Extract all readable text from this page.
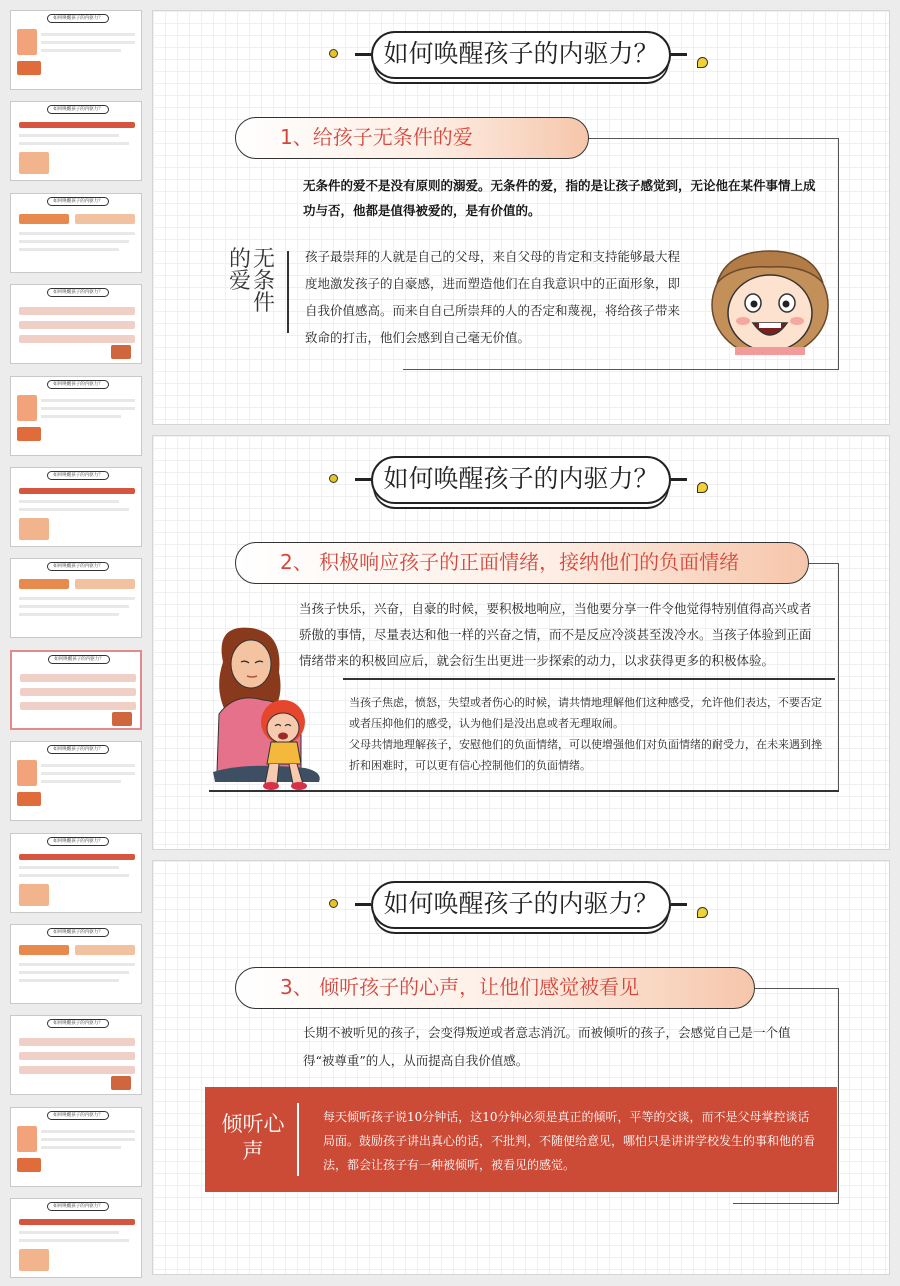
如何唤醒孩子的内驱力？
如何唤醒孩子的内驱力？
如何唤醒孩子的内驱力？
如何唤醒孩子的内驱力？
如何唤醒孩子的内驱力？
如何唤醒孩子的内驱力？
如何唤醒孩子的内驱力？
如何唤醒孩子的内驱力？
如何唤醒孩子的内驱力？
如何唤醒孩子的内驱力？
如何唤醒孩子的内驱力？
如何唤醒孩子的内驱力？
如何唤醒孩子的内驱力？
如何唤醒孩子的内驱力？
如何唤醒孩子的内驱力？
1、给孩子无条件的爱
无条件的爱不是没有原则的溺爱。无条件的爱，指的是让孩子感觉到，无论他在某件事情上成功与否，他都是值得被爱的，是有价值的。
无
条
件
的
爱
孩子最崇拜的人就是自己的父母，来自父母的肯定和支持能够最大程度地激发孩子的自豪感，进而塑造他们在自我意识中的正面形象，即自我价值感高。而来自自己所崇拜的人的否定和蔑视，将给孩子带来致命的打击，他们会感到自己毫无价值。
如何唤醒孩子的内驱力？
2、 积极响应孩子的正面情绪，接纳他们的负面情绪
当孩子快乐，兴奋，自豪的时候，要积极地响应，当他要分享一件令他觉得特别值得高兴或者骄傲的事情，尽量表达和他一样的兴奋之情，而不是反应冷淡甚至泼冷水。当孩子体验到正面情绪带来的积极回应后，就会衍生出更进一步探索的动力，以求获得更多的积极体验。
当孩子焦虑，愤怒，失望或者伤心的时候，请共情地理解他们这种感受，允许他们表达，不要否定或者压抑他们的感受，认为他们是没出息或者无理取闹。
父母共情地理解孩子，安慰他们的负面情绪，可以使增强他们对负面情绪的耐受力，在未来遇到挫折和困难时，可以更有信心控制他们的负面情绪。
如何唤醒孩子的内驱力？
3、 倾听孩子的心声，让他们感觉被看见
长期不被听见的孩子，会变得叛逆或者意志消沉。而被倾听的孩子，会感觉自己是一个值得“被尊重”的人，从而提高自我价值感。
倾听心声
每天倾听孩子说10分钟话，这10分钟必须是真正的倾听，平等的交谈，而不是父母掌控谈话局面。鼓励孩子讲出真心的话，不批判，不随便给意见，哪怕只是讲讲学校发生的事和他的看法，都会让孩子有一种被倾听，被看见的感觉。
